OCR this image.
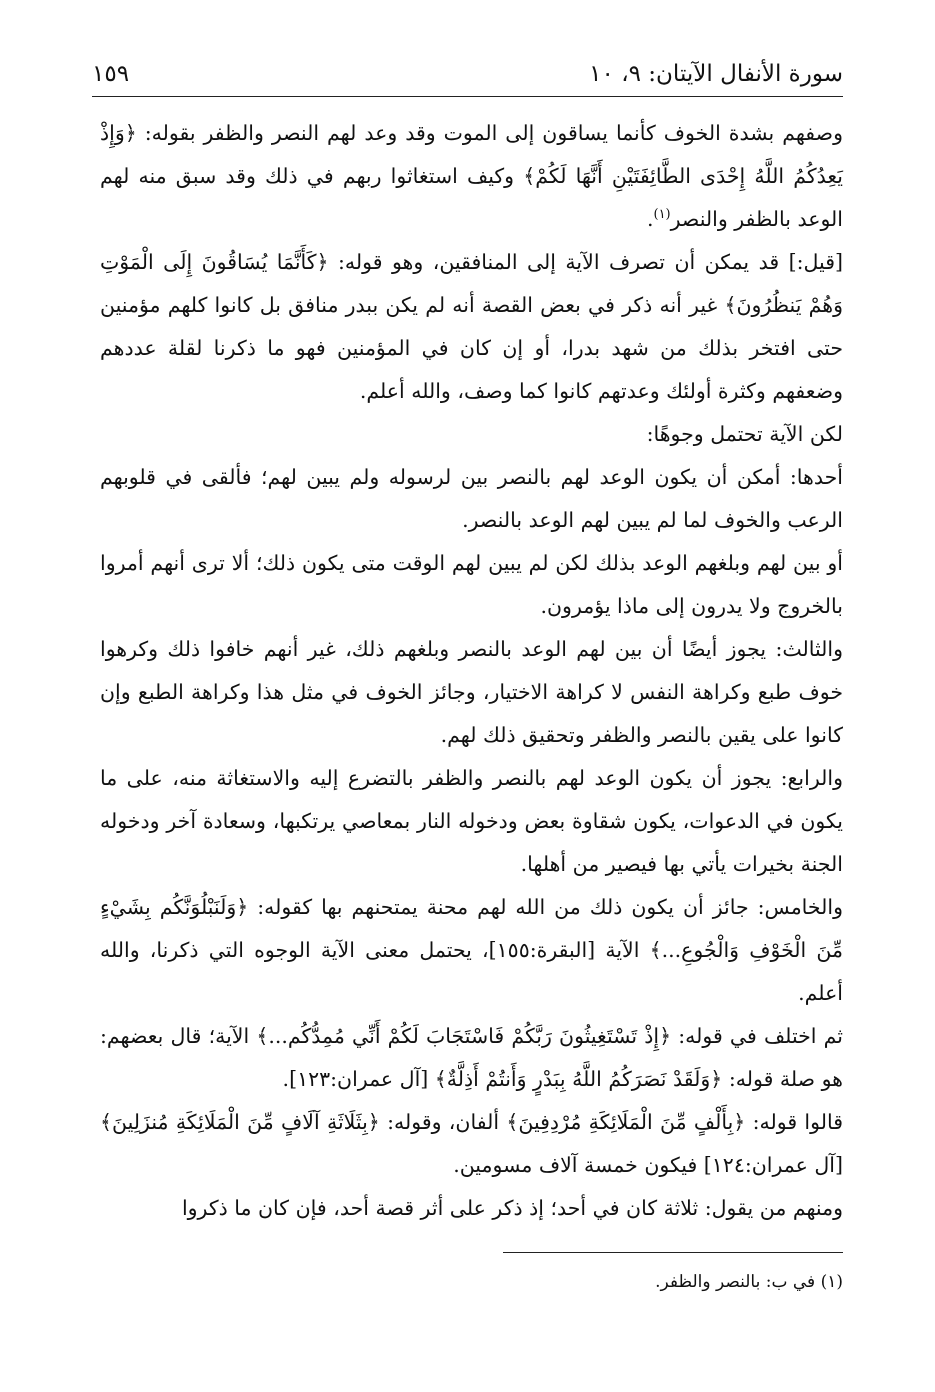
سورة الأنفال الآيتان: ٩، ١٠
١٥٩

وصفهم بشدة الخوف كأنما يساقون إلى الموت وقد وعد لهم النصر والظفر بقوله: ﴿وَإِذْ يَعِدُكُمُ اللَّهُ إِحْدَى الطَّائِفَتَيْنِ أَنَّهَا لَكُمْ﴾ وكيف استغاثوا ربهم في ذلك وقد سبق منه لهم الوعد بالظفر والنصر$^{(١)}$.

[قيل:] قد يمكن أن تصرف الآية إلى المنافقين، وهو قوله: ﴿كَأَنَّمَا يُسَاقُونَ إِلَى الْمَوْتِ وَهُمْ يَنظُرُونَ﴾ غير أنه ذكر في بعض القصة أنه لم يكن ببدر منافق بل كانوا كلهم مؤمنين حتى افتخر بذلك من شهد بدرا، أو إن كان في المؤمنين فهو ما ذكرنا لقلة عددهم وضعفهم وكثرة أولئك وعدتهم كانوا كما وصف، والله أعلم.

لكن الآية تحتمل وجوهًا:

أحدها: أمكن أن يكون الوعد لهم بالنصر بين لرسوله ولم يبين لهم؛ فألقى في قلوبهم الرعب والخوف لما لم يبين لهم الوعد بالنصر.

أو بين لهم وبلغهم الوعد بذلك لكن لم يبين لهم الوقت متى يكون ذلك؛ ألا ترى أنهم أمروا بالخروج ولا يدرون إلى ماذا يؤمرون.

والثالث: يجوز أيضًا أن بين لهم الوعد بالنصر وبلغهم ذلك، غير أنهم خافوا ذلك وكرهوا خوف طبع وكراهة النفس لا كراهة الاختيار، وجائز الخوف في مثل هذا وكراهة الطبع وإن كانوا على يقين بالنصر والظفر وتحقيق ذلك لهم.

والرابع: يجوز أن يكون الوعد لهم بالنصر والظفر بالتضرع إليه والاستغاثة منه، على ما يكون في الدعوات، يكون شقاوة بعض ودخوله النار بمعاصي يرتكبها، وسعادة آخر ودخوله الجنة بخيرات يأتي بها فيصير من أهلها.

والخامس: جائز أن يكون ذلك من الله لهم محنة يمتحنهم بها كقوله: ﴿وَلَنَبْلُوَنَّكُم بِشَيْءٍ مِّنَ الْخَوْفِ وَالْجُوعِ...﴾ الآية [البقرة:١٥٥]، يحتمل معنى الآية الوجوه التي ذكرنا، والله أعلم.

ثم اختلف في قوله: ﴿إِذْ تَسْتَغِيثُونَ رَبَّكُمْ فَاسْتَجَابَ لَكُمْ أَنِّي مُمِدُّكُم...﴾ الآية؛ قال بعضهم: هو صلة قوله: ﴿وَلَقَدْ نَصَرَكُمُ اللَّهُ بِبَدْرٍ وَأَنتُمْ أَذِلَّةٌ﴾ [آل عمران:١٢٣].

قالوا قوله: ﴿بِأَلْفٍ مِّنَ الْمَلَائِكَةِ مُرْدِفِينَ﴾ ألفان، وقوله: ﴿بِثَلَاثَةِ آلَافٍ مِّنَ الْمَلَائِكَةِ مُنزَلِينَ﴾ [آل عمران:١٢٤] فيكون خمسة آلاف مسومين.

ومنهم من يقول: ثلاثة كان في أحد؛ إذ ذكر على أثر قصة أحد، فإن كان ما ذكروا

(١) في ب: بالنصر والظفر.
